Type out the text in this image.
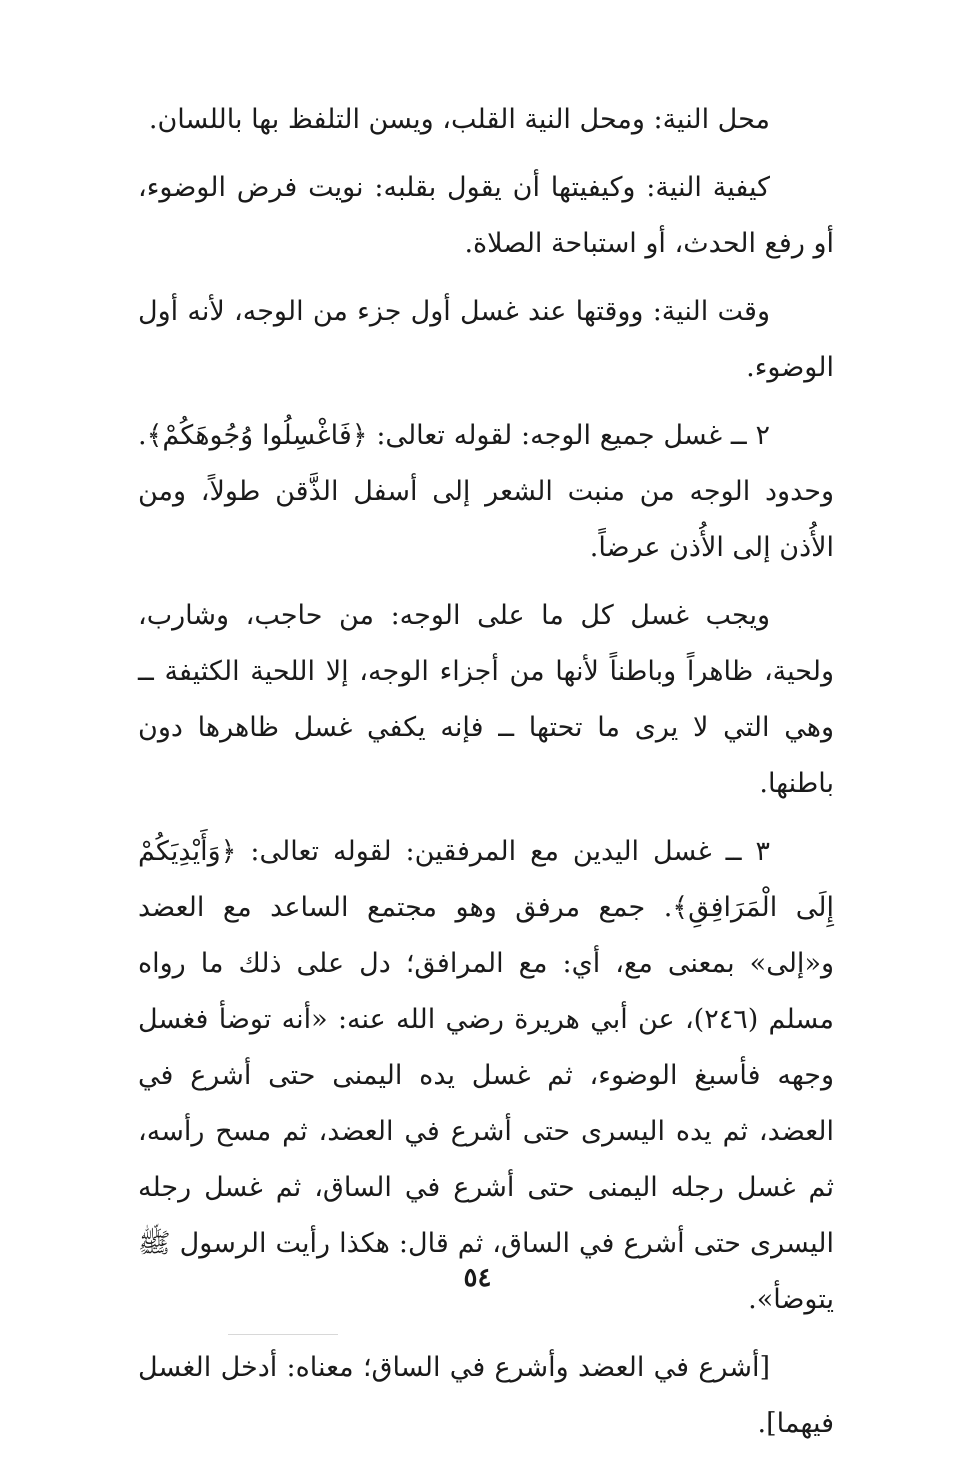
محل النية: ومحل النية القلب، ويسن التلفظ بها باللسان.

كيفية النية: وكيفيتها أن يقول بقلبه: نويت فرض الوضوء، أو رفع الحدث، أو استباحة الصلاة.

وقت النية: ووقتها عند غسل أول جزء من الوجه، لأنه أول الوضوء.

٢ ــ غسل جميع الوجه: لقوله تعالى: ﴿فَاغْسِلُوا وُجُوهَكُمْ﴾. وحدود الوجه من منبت الشعر إلى أسفل الذَّقن طولاً، ومن الأُذن إلى الأُذن عرضاً.

ويجب غسل كل ما على الوجه: من حاجب، وشارب، ولحية، ظاهراً وباطناً لأنها من أجزاء الوجه، إلا اللحية الكثيفة ــ وهي التي لا يرى ما تحتها ــ فإنه يكفي غسل ظاهرها دون باطنها.

٣ ــ غسل اليدين مع المرفقين: لقوله تعالى: ﴿وَأَيْدِيَكُمْ إِلَى الْمَرَافِقِ﴾. جمع مرفق وهو مجتمع الساعد مع العضد و«إلى» بمعنى مع، أي: مع المرافق؛ دل على ذلك ما رواه مسلم (٢٤٦)، عن أبي هريرة رضي الله عنه: «أنه توضأ فغسل وجهه فأسبغ الوضوء، ثم غسل يده اليمنى حتى أشرع في العضد، ثم يده اليسرى حتى أشرع في العضد، ثم مسح رأسه، ثم غسل رجله اليمنى حتى أشرع في الساق، ثم غسل رجله اليسرى حتى أشرع في الساق، ثم قال: هكذا رأيت الرسول ﷺ يتوضأ».

[أشرع في العضد وأشرع في الساق؛ معناه: أدخل الغسل فيهما].

٥٤
